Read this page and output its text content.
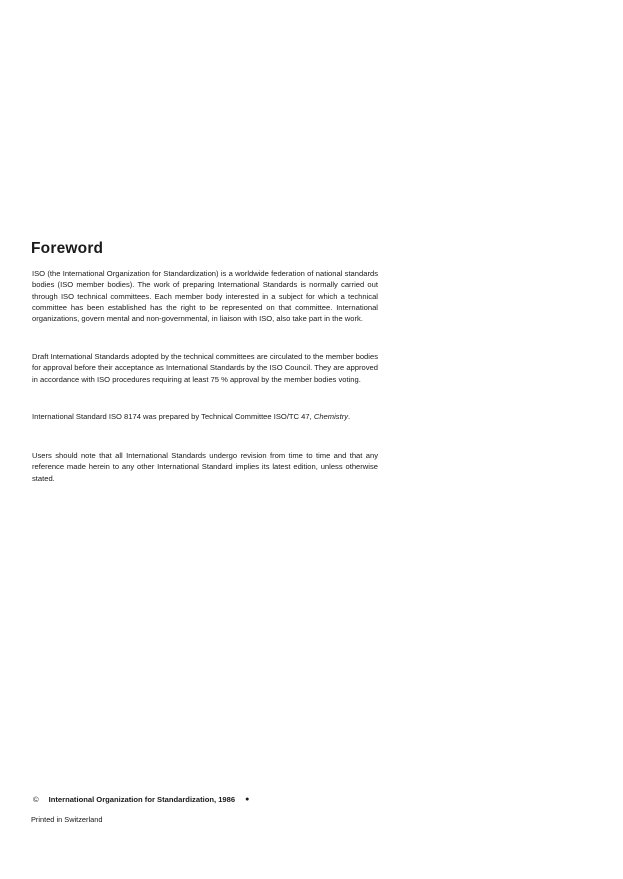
Foreword
ISO (the International Organization for Standardization) is a worldwide federation of national standards bodies (ISO member bodies). The work of preparing International Standards is normally carried out through ISO technical committees. Each member body interested in a subject for which a technical committee has been established has the right to be represented on that committee. International organizations, govern mental and non-governmental, in liaison with ISO, also take part in the work.
Draft International Standards adopted by the technical committees are circulated to the member bodies for approval before their acceptance as International Standards by the ISO Council. They are approved in accordance with ISO procedures requiring at least 75 % approval by the member bodies voting.
International Standard ISO 8174 was prepared by Technical Committee ISO/TC 47, Chemistry.
Users should note that all International Standards undergo revision from time to time and that any reference made herein to any other International Standard implies its latest edition, unless otherwise stated.
© International Organization for Standardization, 1986 ●
Printed in Switzerland
